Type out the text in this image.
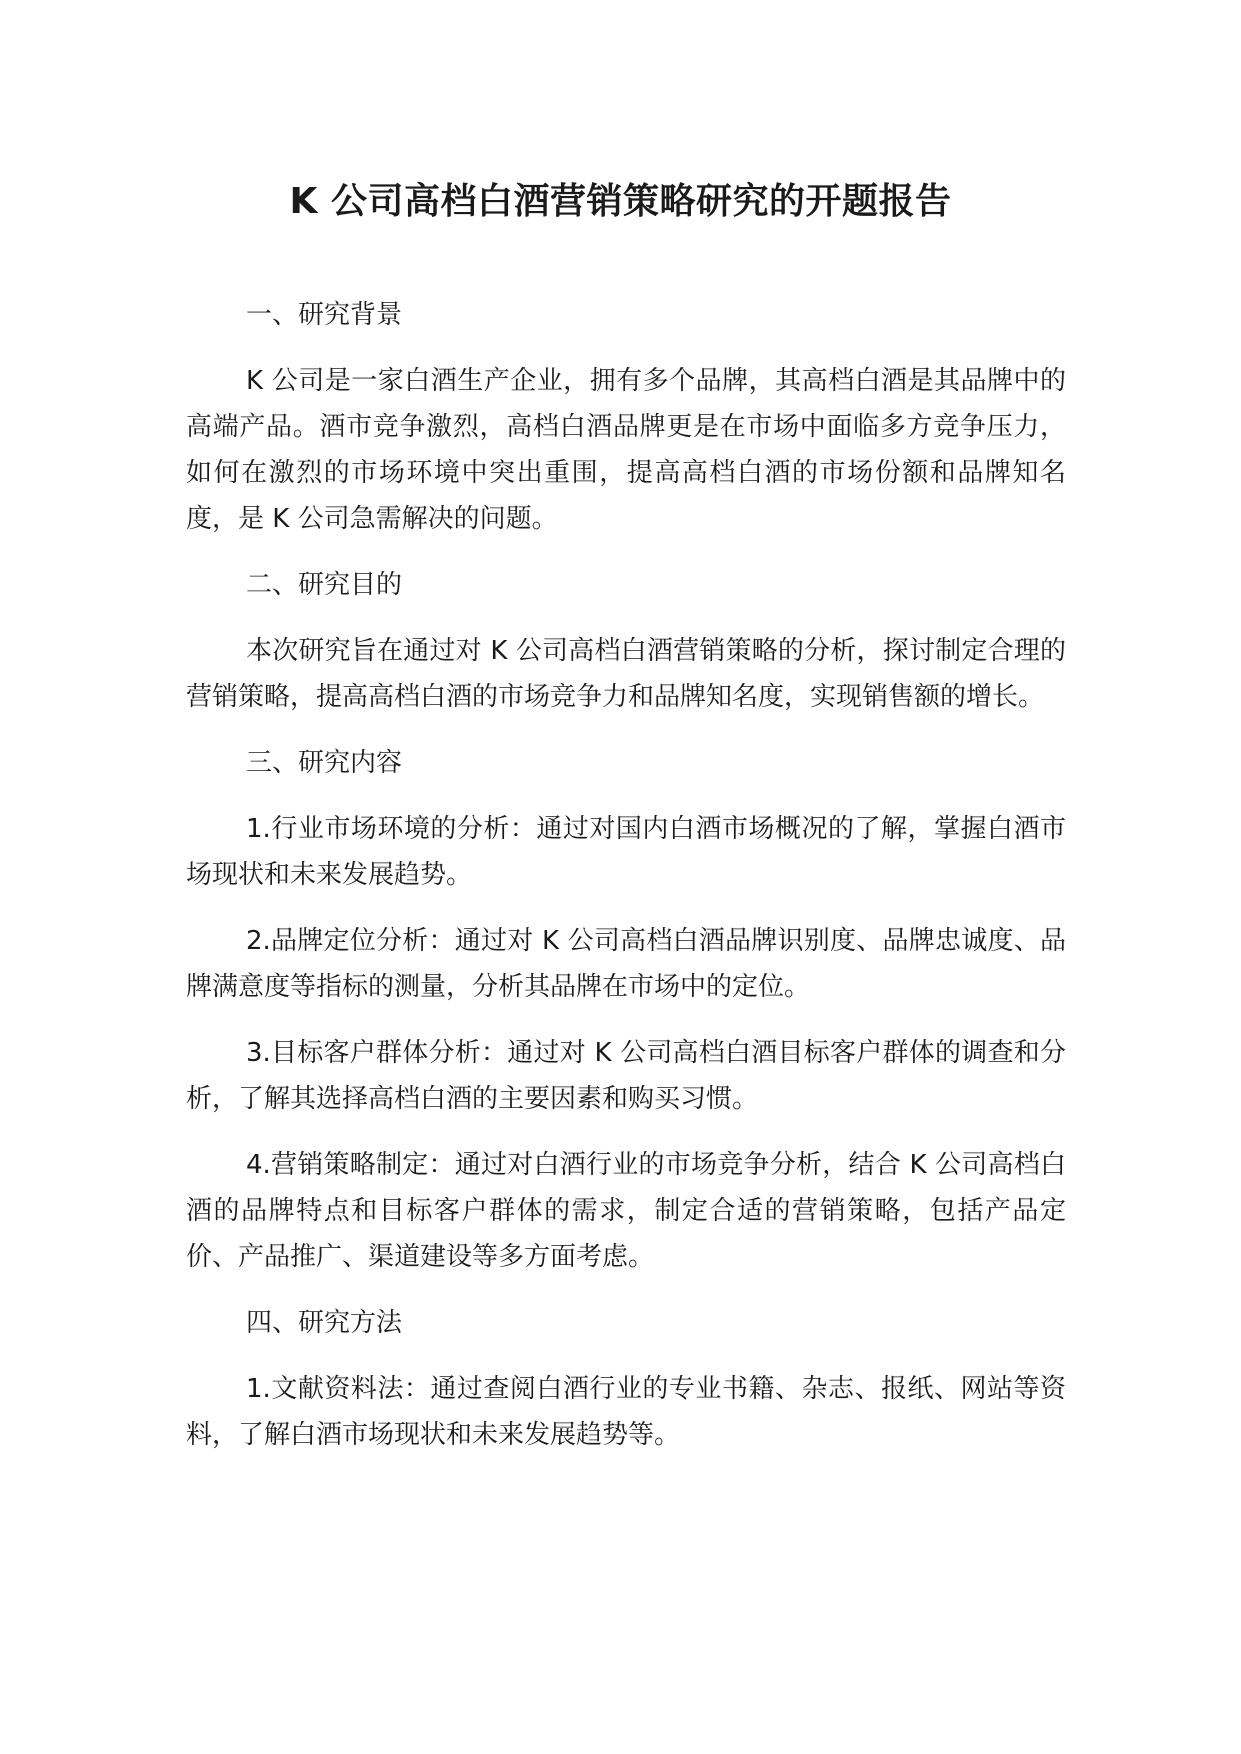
K 公司高档白酒营销策略研究的开题报告

一、研究背景

K 公司是一家白酒生产企业，拥有多个品牌，其高档白酒是其品牌中的高端产品。酒市竞争激烈，高档白酒品牌更是在市场中面临多方竞争压力，如何在激烈的市场环境中突出重围，提高高档白酒的市场份额和品牌知名度，是 K 公司急需解决的问题。

二、研究目的

本次研究旨在通过对 K 公司高档白酒营销策略的分析，探讨制定合理的营销策略，提高高档白酒的市场竞争力和品牌知名度，实现销售额的增长。

三、研究内容

1.行业市场环境的分析：通过对国内白酒市场概况的了解，掌握白酒市场现状和未来发展趋势。

2.品牌定位分析：通过对 K 公司高档白酒品牌识别度、品牌忠诚度、品牌满意度等指标的测量，分析其品牌在市场中的定位。

3.目标客户群体分析：通过对 K 公司高档白酒目标客户群体的调查和分析，了解其选择高档白酒的主要因素和购买习惯。

4.营销策略制定：通过对白酒行业的市场竞争分析，结合 K 公司高档白酒的品牌特点和目标客户群体的需求，制定合适的营销策略，包括产品定价、产品推广、渠道建设等多方面考虑。

四、研究方法

1.文献资料法：通过查阅白酒行业的专业书籍、杂志、报纸、网站等资料，了解白酒市场现状和未来发展趋势等。
